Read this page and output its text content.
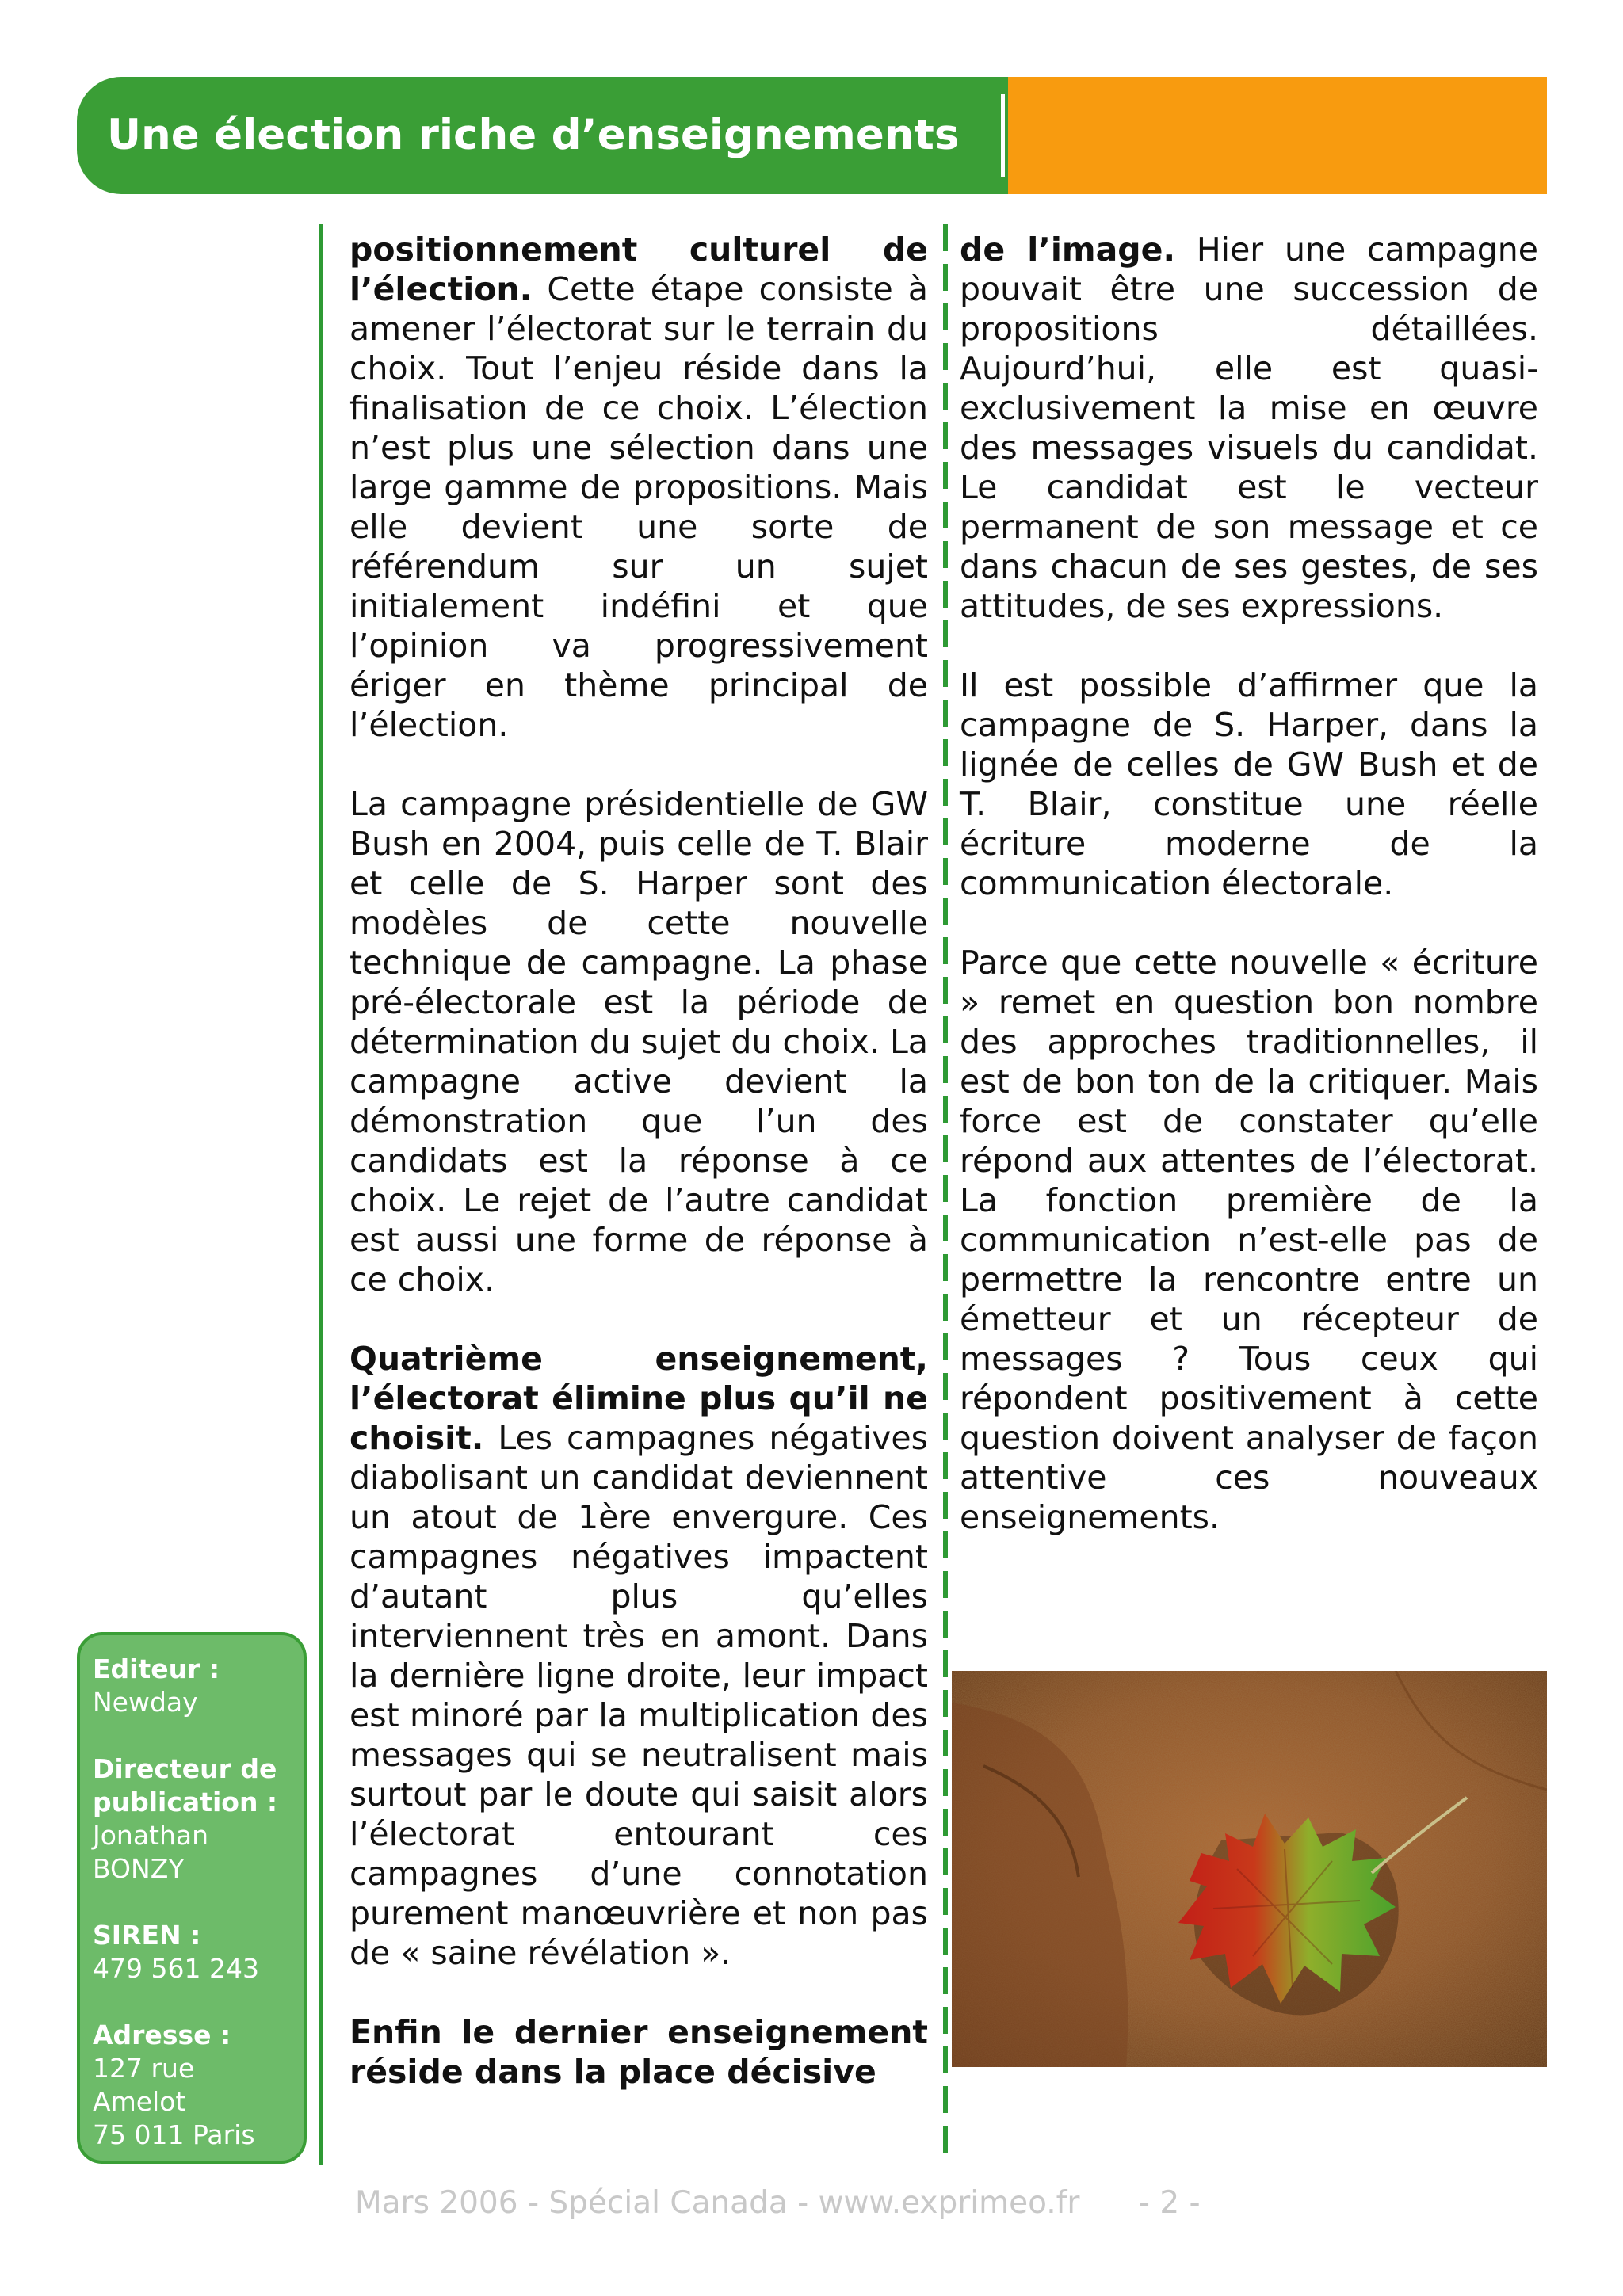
Une élection riche d’enseignements
Editeur :
Newday
Directeur de
publication :
Jonathan
BONZY
SIREN :
479 561 243
Adresse :
127 rue
Amelot
75 011 Paris

positionnement culturel de l’élection. Cette étape consiste à amener l’électorat sur le terrain du choix. Tout l’enjeu réside dans la finalisation de ce choix. L’élection n’est plus une sélection dans une large gamme de propositions. Mais elle devient une sorte de référendum sur un sujet initialement indéfini et que l’opinion va progressivement ériger en thème principal de l’élection.

La campagne présidentielle de GW Bush en 2004, puis celle de T. Blair et celle de S. Harper sont des modèles de cette nouvelle technique de campagne. La phase pré-électorale est la période de détermination du sujet du choix. La campagne active devient la démonstration que l’un des candidats est la réponse à ce choix. Le rejet de l’autre candidat est aussi une forme de réponse à ce choix.

Quatrième enseignement, l’électorat élimine plus qu’il ne choisit. Les campagnes négatives diabolisant un candidat deviennent un atout de 1ère envergure. Ces campagnes négatives impactent d’autant plus qu’elles interviennent très en amont. Dans la dernière ligne droite, leur impact est minoré par la multiplication des messages qui se neutralisent mais surtout par le doute qui saisit alors l’électorat entourant ces campagnes d’une connotation purement manœuvrière et non pas de « saine révélation ».

Enfin le dernier enseignement réside dans la place décisive

de l’image. Hier une campagne pouvait être une succession de propositions détaillées. Aujourd’hui, elle est quasi-exclusivement la mise en œuvre des messages visuels du candidat. Le candidat est le vecteur permanent de son message et ce dans chacun de ses gestes, de ses attitudes, de ses expressions.

Il est possible d’affirmer que la campagne de S. Harper, dans la lignée de celles de GW Bush et de T. Blair, constitue une réelle écriture moderne de la communication électorale.

Parce que cette nouvelle « écriture » remet en question bon nombre des approches traditionnelles, il est de bon ton de la critiquer. Mais force est de constater qu’elle répond aux attentes de l’électorat. La fonction première de la communication n’est-elle pas de permettre la rencontre entre un émetteur et un récepteur de messages ? Tous ceux qui répondent positivement à cette question doivent analyser de façon attentive ces nouveaux enseignements.

Mars 2006 - Spécial Canada - www.exprimeo.fr - 2 -
